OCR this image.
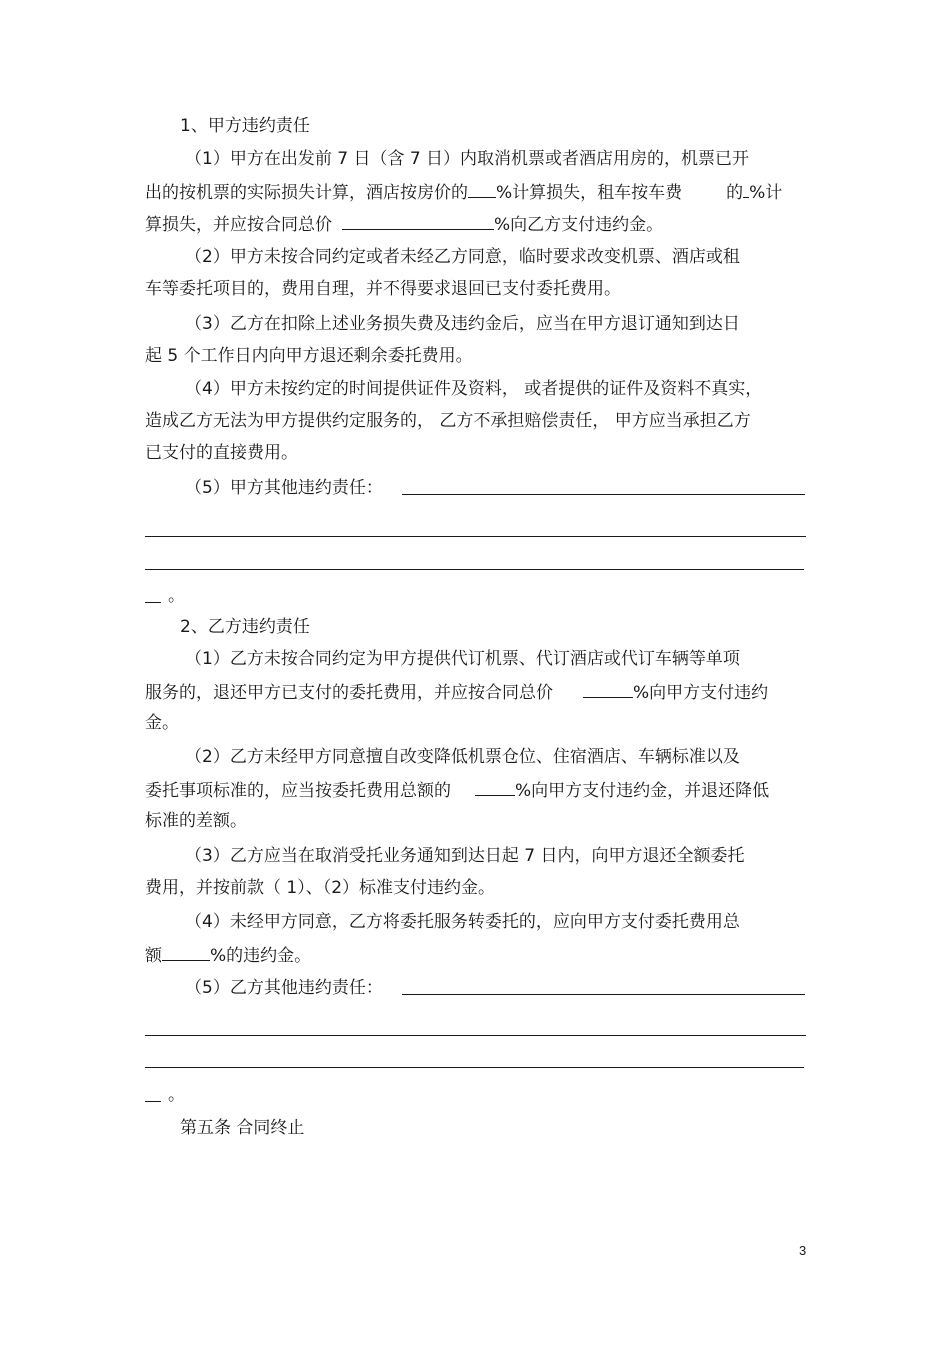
1、甲方违约责任

（1）甲方在出发前 7 日（含 7 日）内取消机票或者酒店用房的，机票已开

出的按机票的实际损失计算，酒店按房价的 %计算损失，租车按车费	的 %计

算损失，并应按合同总价	%向乙方支付违约金。

（2）甲方未按合同约定或者未经乙方同意，临时要求改变机票、酒店或租

车等委托项目的，费用自理，并不得要求退回已支付委托费用。

（3）乙方在扣除上述业务损失费及违约金后，应当在甲方退订通知到达日

起 5 个工作日内向甲方退还剩余委托费用。

（4）甲方未按约定的时间提供证件及资料， 或者提供的证件及资料不真实，

造成乙方无法为甲方提供约定服务的， 乙方不承担赔偿责任， 甲方应当承担乙方

已支付的直接费用。

（5）甲方其他违约责任：

。

2、乙方违约责任

（1）乙方未按合同约定为甲方提供代订机票、代订酒店或代订车辆等单项

服务的，退还甲方已支付的委托费用，并应按合同总价	%向甲方支付违约

金。

（2）乙方未经甲方同意擅自改变降低机票仓位、住宿酒店、车辆标准以及

委托事项标准的，应当按委托费用总额的	%向甲方支付违约金，并退还降低

标准的差额。

（3）乙方应当在取消受托业务通知到达日起 7 日内，向甲方退还全额委托

费用，并按前款（ 1）、（2）标准支付违约金。

（4）未经甲方同意，乙方将委托服务转委托的，应向甲方支付委托费用总

额	%的违约金。

（5）乙方其他违约责任：

。

第五条 合同终止

3
